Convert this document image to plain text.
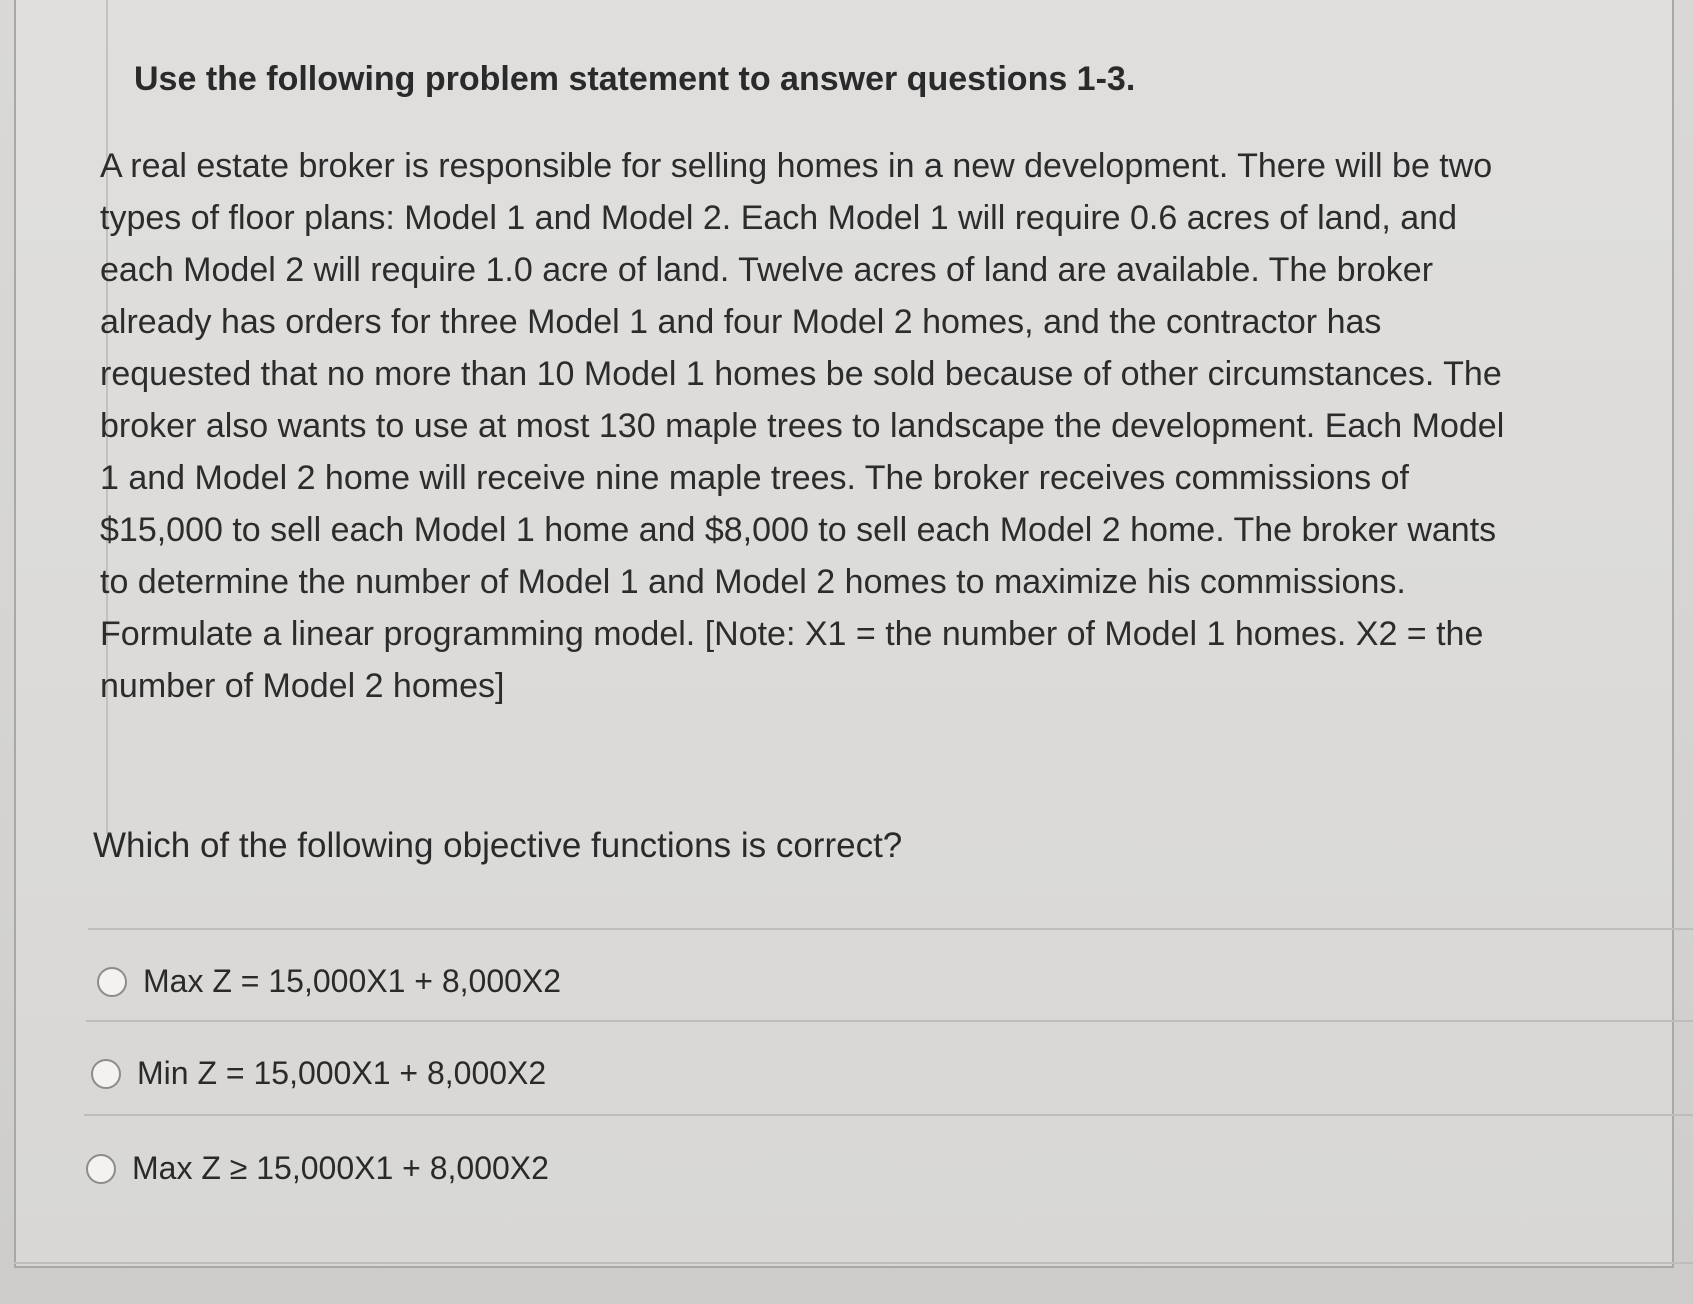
Use the following problem statement to answer questions 1-3.
A real estate broker is responsible for selling homes in a new development. There will be two
types of floor plans: Model 1 and Model 2. Each Model 1 will require 0.6 acres of land, and
each Model 2 will require 1.0 acre of land. Twelve acres of land are available. The broker
already has orders for three Model 1 and four Model 2 homes, and the contractor has
requested that no more than 10 Model 1 homes be sold because of other circumstances. The
broker also wants to use at most 130 maple trees to landscape the development. Each Model
1 and Model 2 home will receive nine maple trees. The broker receives commissions of
$15,000 to sell each Model 1 home and $8,000 to sell each Model 2 home. The broker wants
to determine the number of Model 1 and Model 2 homes to maximize his commissions.
Formulate a linear programming model. [Note: X1 = the number of Model 1 homes. X2 = the
number of Model 2 homes]
Which of the following objective functions is correct?
Max Z = 15,000X1 + 8,000X2
Min Z = 15,000X1 + 8,000X2
Max Z ≥ 15,000X1 + 8,000X2
